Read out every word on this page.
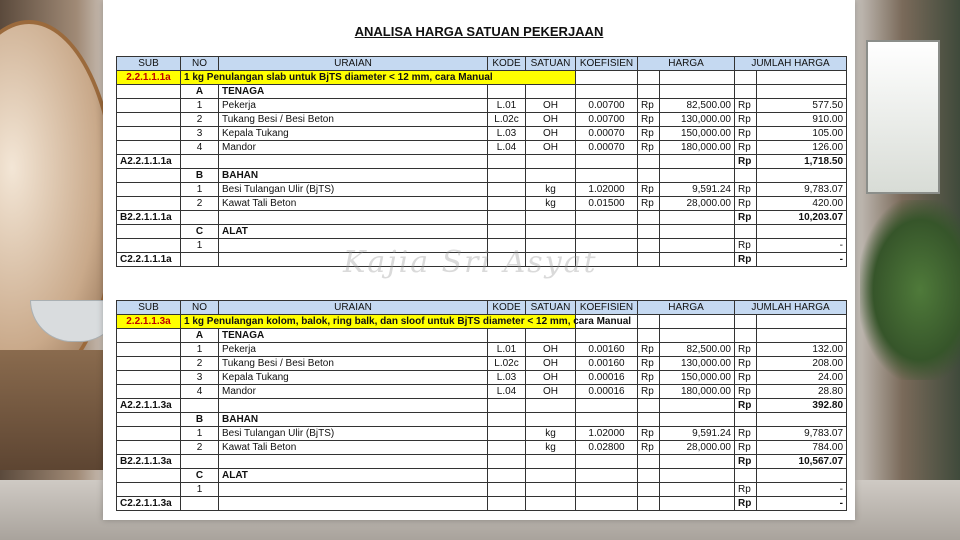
ANALISA HARGA SATUAN PEKERJAAN
SUB	NO	URAIAN	KODE	SATUAN	KOEFISIEN	HARGA		JUMLAH HARGA	
2.2.1.1.1a	1 kg Penulangan slab untuk BjTS diameter < 12 mm, cara Manual								
	A	TENAGA							
	1	Pekerja	L.01	OH	0.00700	Rp	82,500.00	Rp	577.50
	2	Tukang Besi / Besi Beton	L.02c	OH	0.00700	Rp	130,000.00	Rp	910.00
	3	Kepala Tukang	L.03	OH	0.00070	Rp	150,000.00	Rp	105.00
	4	Mandor	L.04	OH	0.00070	Rp	180,000.00	Rp	126.00
A2.2.1.1.1a								Rp	1,718.50
	B	BAHAN							
	1	Besi Tulangan Ulir (BjTS)		kg	1.02000	Rp	9,591.24	Rp	9,783.07
	2	Kawat Tali Beton		kg	0.01500	Rp	28,000.00	Rp	420.00
B2.2.1.1.1a								Rp	10,203.07
	C	ALAT							
	1							Rp	-
C2.2.1.1.1a								Rp	-
SUB	NO	URAIAN	KODE	SATUAN	KOEFISIEN	HARGA		JUMLAH HARGA	
2.2.1.1.3a	1 kg Penulangan kolom, balok, ring balk, dan sloof untuk BjTS diameter < 12 mm, cara Manual								
	A	TENAGA							
	1	Pekerja	L.01	OH	0.00160	Rp	82,500.00	Rp	132.00
	2	Tukang Besi / Besi Beton	L.02c	OH	0.00160	Rp	130,000.00	Rp	208.00
	3	Kepala Tukang	L.03	OH	0.00016	Rp	150,000.00	Rp	24.00
	4	Mandor	L.04	OH	0.00016	Rp	180,000.00	Rp	28.80
A2.2.1.1.3a								Rp	392.80
	B	BAHAN							
	1	Besi Tulangan Ulir (BjTS)		kg	1.02000	Rp	9,591.24	Rp	9,783.07
	2	Kawat Tali Beton		kg	0.02800	Rp	28,000.00	Rp	784.00
B2.2.1.1.3a								Rp	10,567.07
	C	ALAT							
	1							Rp	-
C2.2.1.1.3a								Rp	-
Kajia Sri Asyat
